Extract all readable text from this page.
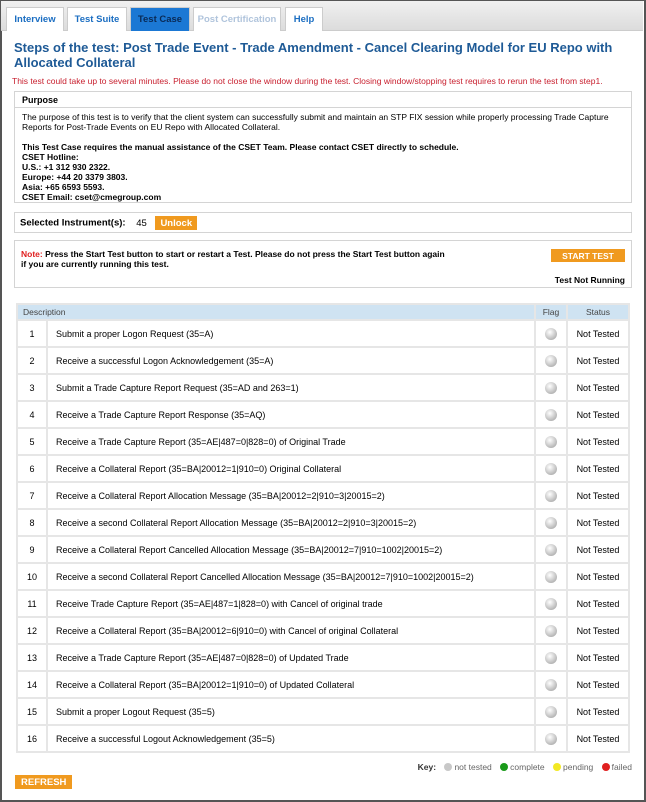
Interview	Test Suite	Test Case	Post Certification	Help
Steps of the test: Post Trade Event - Trade Amendment - Cancel Clearing Model for EU Repo with Allocated Collateral
This test could take up to several minutes. Please do not close the window during the test. Closing window/stopping test requires to rerun the test from step1.
Purpose
The purpose of this test is to verify that the client system can successfully submit and maintain an STP FIX session while properly processing Trade Capture Reports for Post-Trade Events on EU Repo with Allocated Collateral.
This Test Case requires the manual assistance of the CSET Team. Please contact CSET directly to schedule.
CSET Hotline:
U.S.: +1 312 930 2322.
Europe: +44 20 3379 3803.
Asia: +65 6593 5593.
CSET Email: cset@cmegroup.com
Selected Instrument(s): 45 Unlock
Note: Press the Start Test button to start or restart a Test. Please do not press the Start Test button again if you are currently running this test.
START TEST
Test Not Running
Description		Flag	Status
1	Submit a proper Logon Request (35=A)		Not Tested
2	Receive a successful Logon Acknowledgement (35=A)		Not Tested
3	Submit a Trade Capture Report Request (35=AD and 263=1)		Not Tested
4	Receive a Trade Capture Report Response (35=AQ)		Not Tested
5	Receive a Trade Capture Report (35=AE|487=0|828=0) of Original Trade		Not Tested
6	Receive a Collateral Report (35=BA|20012=1|910=0) Original Collateral		Not Tested
7	Receive a Collateral Report Allocation Message (35=BA|20012=2|910=3|20015=2)		Not Tested
8	Receive a second Collateral Report Allocation Message (35=BA|20012=2|910=3|20015=2)		Not Tested
9	Receive a Collateral Report Cancelled Allocation Message (35=BA|20012=7|910=1002|20015=2)		Not Tested
10	Receive a second Collateral Report Cancelled Allocation Message (35=BA|20012=7|910=1002|20015=2)		Not Tested
11	Receive Trade Capture Report (35=AE|487=1|828=0) with Cancel of original trade		Not Tested
12	Receive a Collateral Report (35=BA|20012=6|910=0) with Cancel of original Collateral		Not Tested
13	Receive a Trade Capture Report (35=AE|487=0|828=0) of Updated Trade		Not Tested
14	Receive a Collateral Report (35=BA|20012=1|910=0) of Updated Collateral		Not Tested
15	Submit a proper Logout Request (35=5)		Not Tested
16	Receive a successful Logout Acknowledgement (35=5)		Not Tested
Key: not tested complete pending failed
REFRESH
